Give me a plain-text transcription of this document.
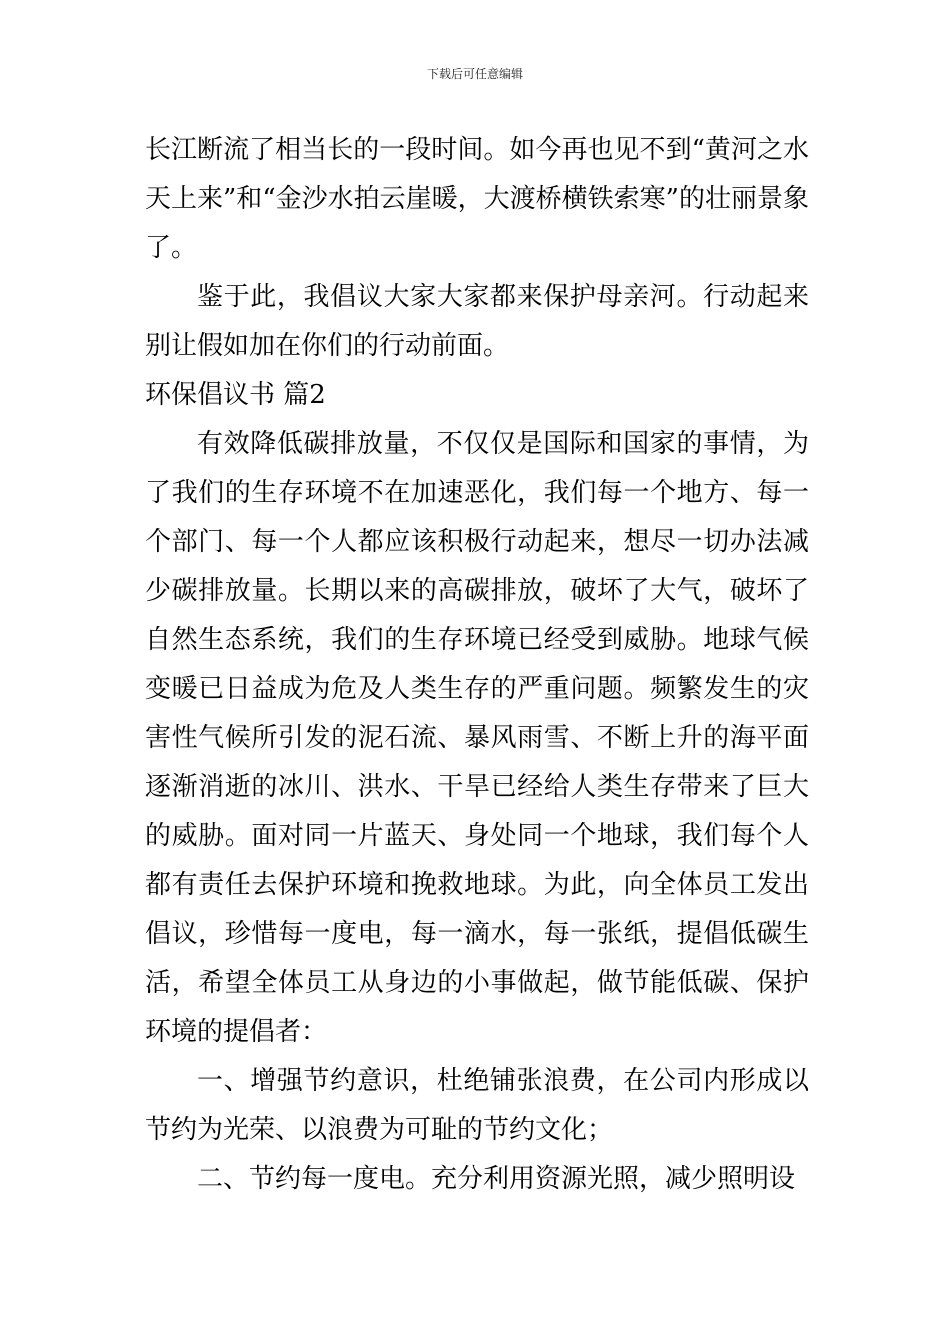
下载后可任意编辑

长江断流了相当长的一段时间。如今再也见不到“黄河之水天上来”和“金沙水拍云崖暖，大渡桥横铁索寒”的壮丽景象了。

鉴于此，我倡议大家大家都来保护母亲河。行动起来别让假如加在你们的行动前面。

环保倡议书 篇2

有效降低碳排放量，不仅仅是国际和国家的事情，为了我们的生存环境不在加速恶化，我们每一个地方、每一个部门、每一个人都应该积极行动起来，想尽一切办法减少碳排放量。长期以来的高碳排放，破坏了大气，破坏了自然生态系统，我们的生存环境已经受到威胁。地球气候变暖已日益成为危及人类生存的严重问题。频繁发生的灾害性气候所引发的泥石流、暴风雨雪、不断上升的海平面逐渐消逝的冰川、洪水、干旱已经给人类生存带来了巨大的威胁。面对同一片蓝天、身处同一个地球，我们每个人都有责任去保护环境和挽救地球。为此，向全体员工发出倡议，珍惜每一度电，每一滴水，每一张纸，提倡低碳生活，希望全体员工从身边的小事做起，做节能低碳、保护环境的提倡者：

一、增强节约意识，杜绝铺张浪费，在公司内形成以节约为光荣、以浪费为可耻的节约文化；

二、节约每一度电。充分利用资源光照，减少照明设
